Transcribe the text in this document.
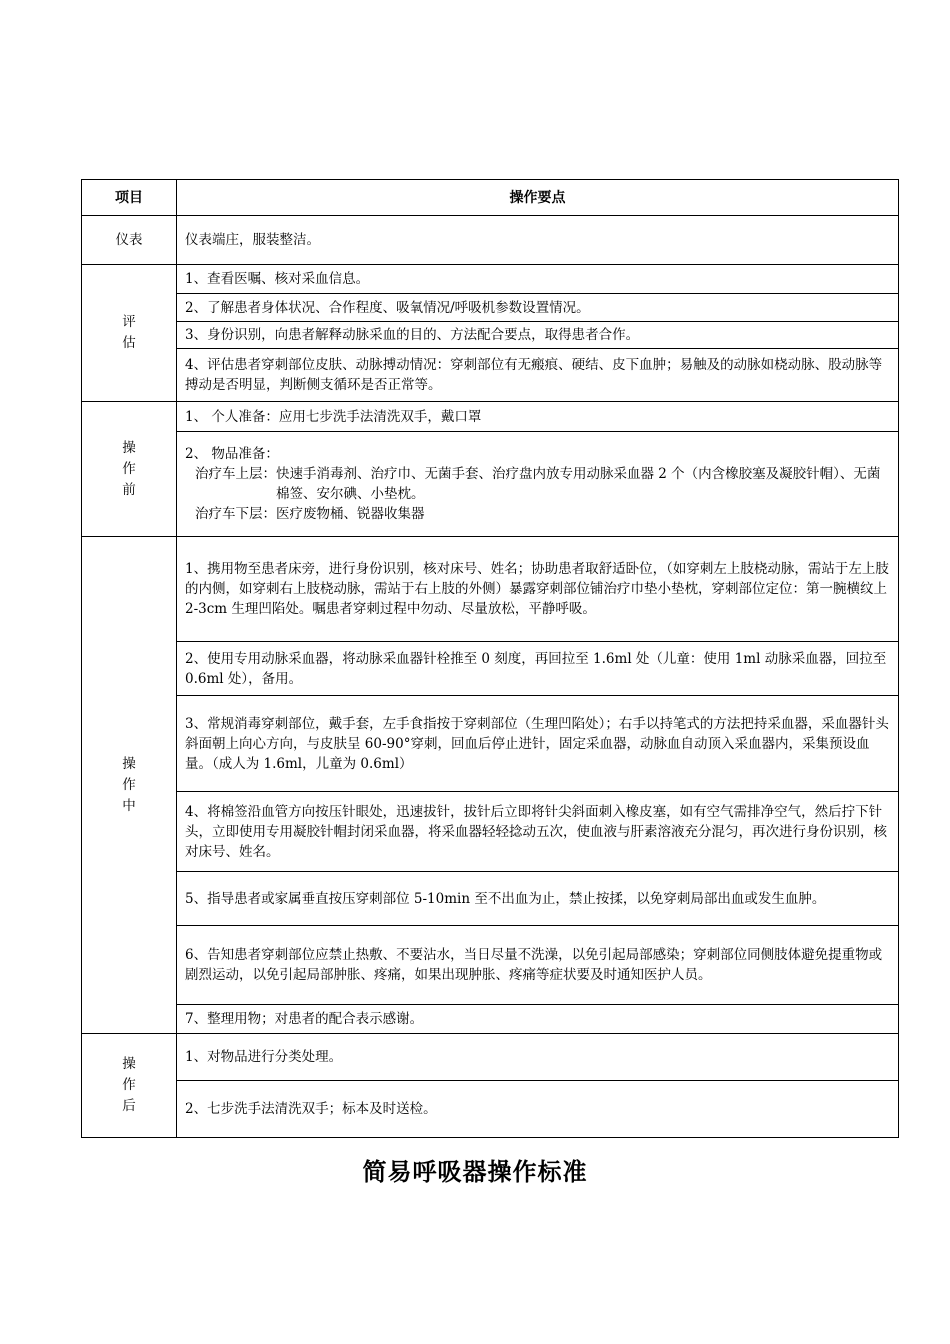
项目	操作要点
仪表	仪表端庄，服装整洁。
评估	1、查看医嘱、核对采血信息。
	2、了解患者身体状况、合作程度、吸氧情况/呼吸机参数设置情况。
	3、身份识别，向患者解释动脉采血的目的、方法配合要点，取得患者合作。
	4、评估患者穿刺部位皮肤、动脉搏动情况：穿刺部位有无瘢痕、硬结、皮下血肿；易触及的动脉如桡动脉、股动脉等搏动是否明显，判断侧支循环是否正常等。
操作前	1、 个人准备：应用七步洗手法清洗双手，戴口罩

	2、 物品准备：
治疗车上层： 快速手消毒剂、治疗巾、无菌手套、治疗盘内放专用动脉采血器 2 个（内含橡胶塞及凝胶针帽）、无菌棉签、安尔碘、小垫枕。
治疗车下层： 医疗废物桶、锐器收集器

操作中	1、携用物至患者床旁，进行身份识别，核对床号、姓名；协助患者取舒适卧位，（如穿刺左上肢桡动脉，需站于左上肢的内侧，如穿刺右上肢桡动脉，需站于右上肢的外侧）暴露穿刺部位铺治疗巾垫小垫枕，穿刺部位定位：第一腕横纹上 2-3cm 生理凹陷处。嘱患者穿刺过程中勿动、尽量放松，平静呼吸。
	2、使用专用动脉采血器，将动脉采血器针栓推至 0 刻度，再回拉至 1.6ml 处（儿童：使用 1ml 动脉采血器，回拉至 0.6ml 处），备用。
	3、常规消毒穿刺部位，戴手套，左手食指按于穿刺部位（生理凹陷处）；右手以持笔式的方法把持采血器，采血器针头斜面朝上向心方向，与皮肤呈 60-90°穿刺，回血后停止进针，固定采血器，动脉血自动顶入采血器内，采集预设血量。（成人为 1.6ml，儿童为 0.6ml）
	4、将棉签沿血管方向按压针眼处，迅速拔针，拔针后立即将针尖斜面刺入橡皮塞，如有空气需排净空气，然后拧下针头，立即使用专用凝胶针帽封闭采血器，将采血器轻轻捻动五次，使血液与肝素溶液充分混匀，再次进行身份识别，核对床号、姓名。
	5、指导患者或家属垂直按压穿刺部位 5-10min 至不出血为止，禁止按揉，以免穿刺局部出血或发生血肿。
	6、告知患者穿刺部位应禁止热敷、不要沾水，当日尽量不洗澡，以免引起局部感染；穿刺部位同侧肢体避免提重物或剧烈运动，以免引起局部肿胀、疼痛，如果出现肿胀、疼痛等症状要及时通知医护人员。
	7、整理用物；对患者的配合表示感谢。
操作后	1、对物品进行分类处理。
	2、七步洗手法清洗双手；标本及时送检。
简易呼吸器操作标准
